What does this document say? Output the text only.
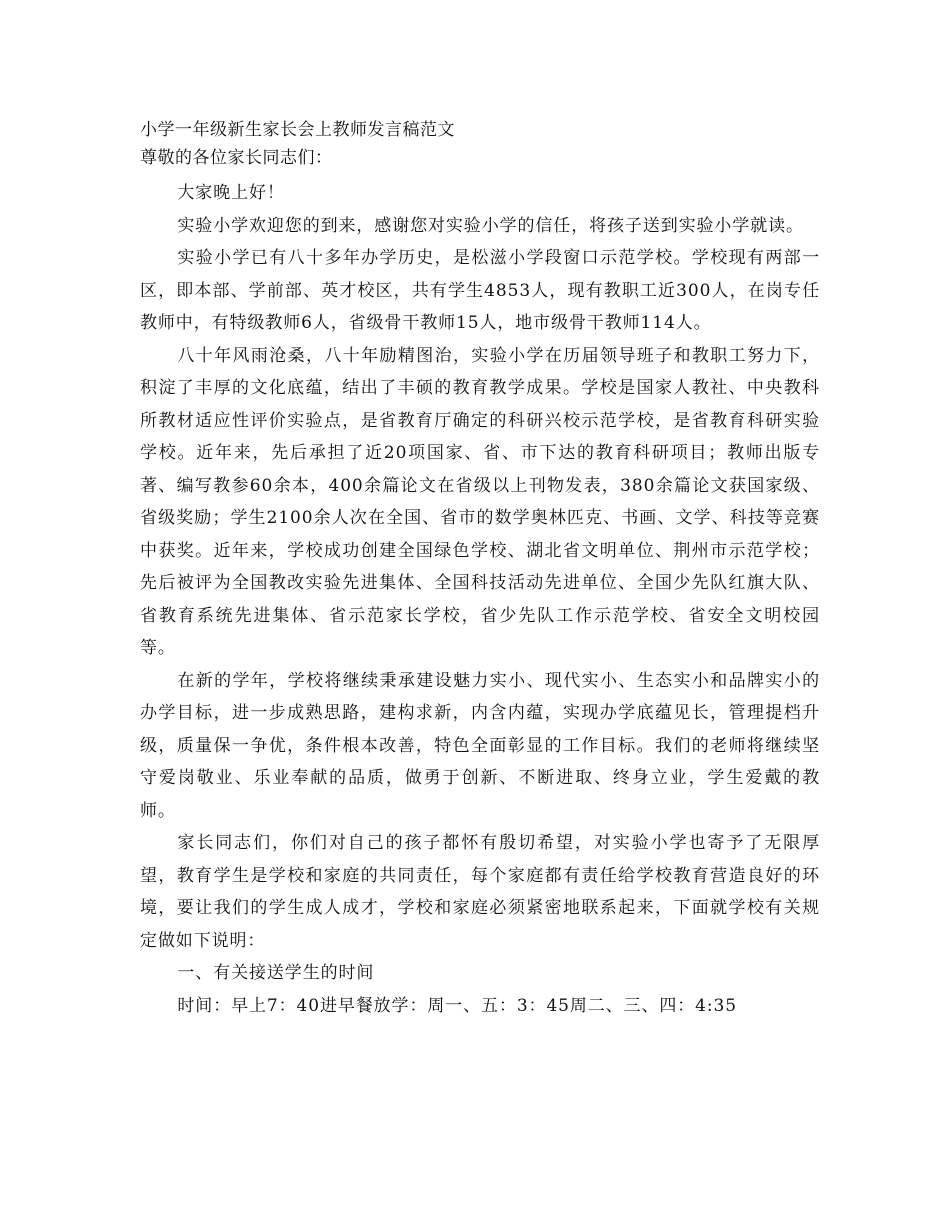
小学一年级新生家长会上教师发言稿范文

尊敬的各位家长同志们：

大家晚上好！

实验小学欢迎您的到来，感谢您对实验小学的信任，将孩子送到实验小学就读。

实验小学已有八十多年办学历史，是松滋小学段窗口示范学校。学校现有两部一区，即本部、学前部、英才校区，共有学生4853人，现有教职工近300人，在岗专任教师中，有特级教师6人，省级骨干教师15人，地市级骨干教师114人。

八十年风雨沧桑，八十年励精图治，实验小学在历届领导班子和教职工努力下，积淀了丰厚的文化底蕴，结出了丰硕的教育教学成果。学校是国家人教社、中央教科所教材适应性评价实验点，是省教育厅确定的科研兴校示范学校，是省教育科研实验学校。近年来，先后承担了近20项国家、省、市下达的教育科研项目；教师出版专著、编写教参60余本，400余篇论文在省级以上刊物发表，380余篇论文获国家级、省级奖励；学生2100余人次在全国、省市的数学奥林匹克、书画、文学、科技等竞赛中获奖。近年来，学校成功创建全国绿色学校、湖北省文明单位、荆州市示范学校；先后被评为全国教改实验先进集体、全国科技活动先进单位、全国少先队红旗大队、省教育系统先进集体、省示范家长学校，省少先队工作示范学校、省安全文明校园等。

在新的学年，学校将继续秉承建设魅力实小、现代实小、生态实小和品牌实小的办学目标，进一步成熟思路，建构求新，内含内蕴，实现办学底蕴见长，管理提档升级，质量保一争优，条件根本改善，特色全面彰显的工作目标。我们的老师将继续坚守爱岗敬业、乐业奉献的品质，做勇于创新、不断进取、终身立业，学生爱戴的教师。

家长同志们，你们对自己的孩子都怀有殷切希望，对实验小学也寄予了无限厚望，教育学生是学校和家庭的共同责任，每个家庭都有责任给学校教育营造良好的环境，要让我们的学生成人成才，学校和家庭必须紧密地联系起来，下面就学校有关规定做如下说明：

一、有关接送学生的时间

时间：早上7：40进早餐放学：周一、五：3：45周二、三、四：4:35
